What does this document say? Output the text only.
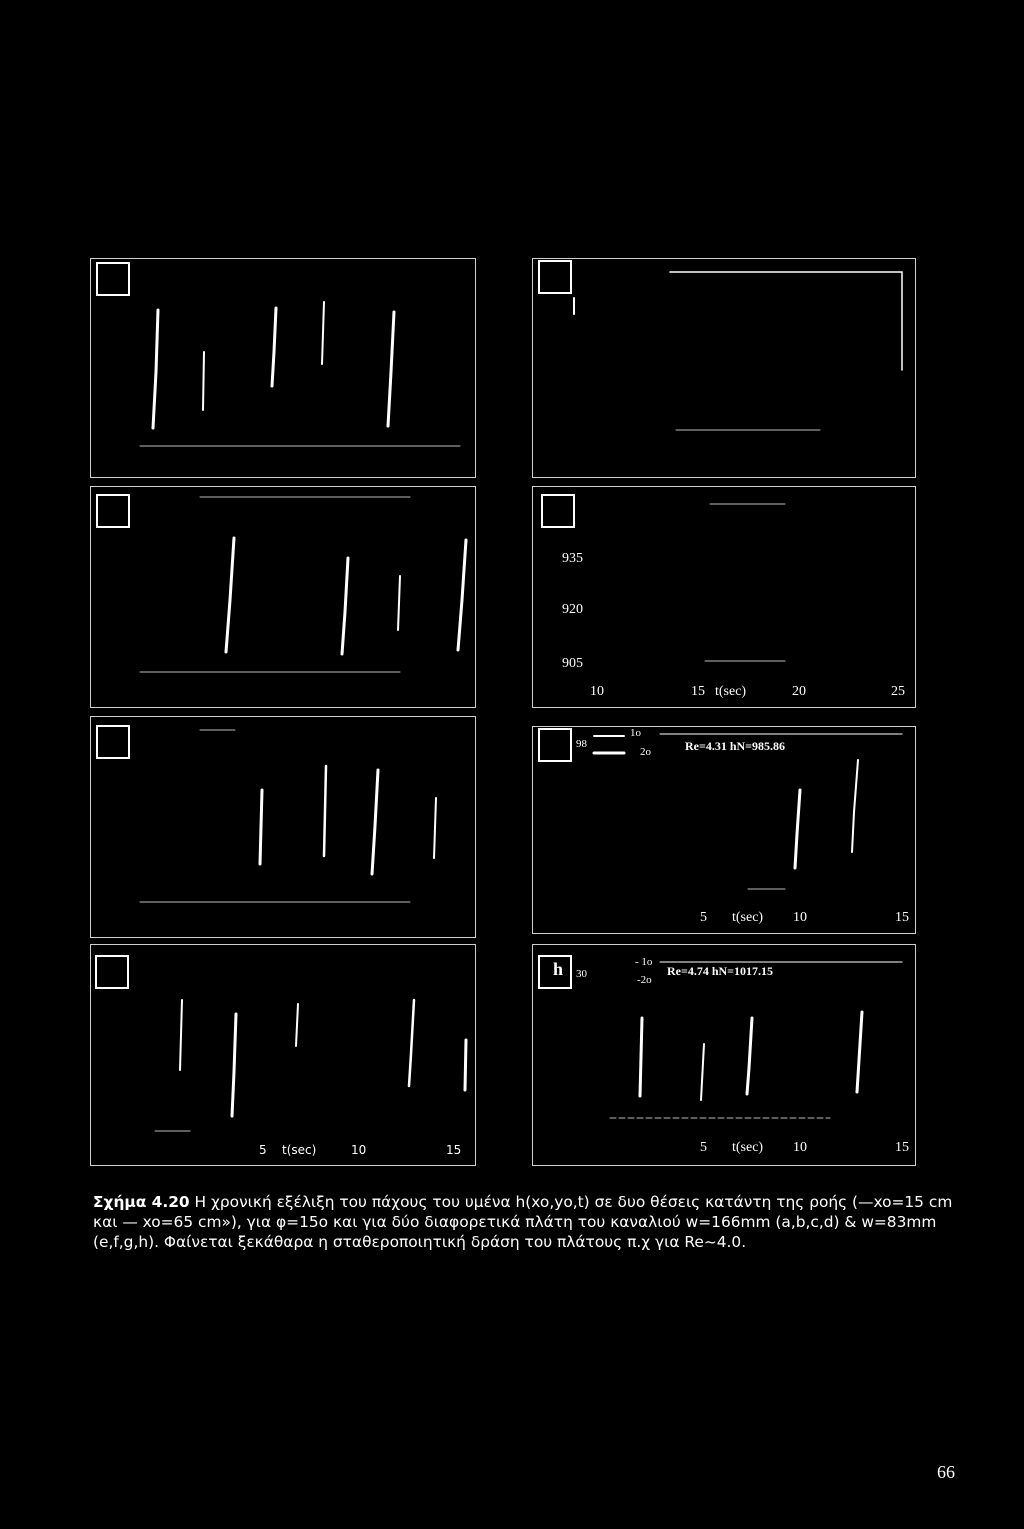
935
920
905
10	15 t(sec)	20	25
98
1o
2o	Re=4.31 hN=985.86
5 t(sec) 10	15
5 t(sec)	10	15
h 30
- 1o
-2o
Re=4.74 hN=1017.15
5 t(sec) 10	15
Σχήμα 4.20 Η χρονική εξέλιξη του πάχους του υμένα h(xo,yo,t) σε δυο θέσεις κατάντη της ροής (—xo=15 cm και — xo=65 cm»), για φ=15o και για δύο διαφορετικά πλάτη του καναλιού w=166mm (a,b,c,d) & w=83mm (e,f,g,h). Φαίνεται ξεκάθαρα η σταθεροποιητική δράση του πλάτους π.χ για Re~4.0.
66
